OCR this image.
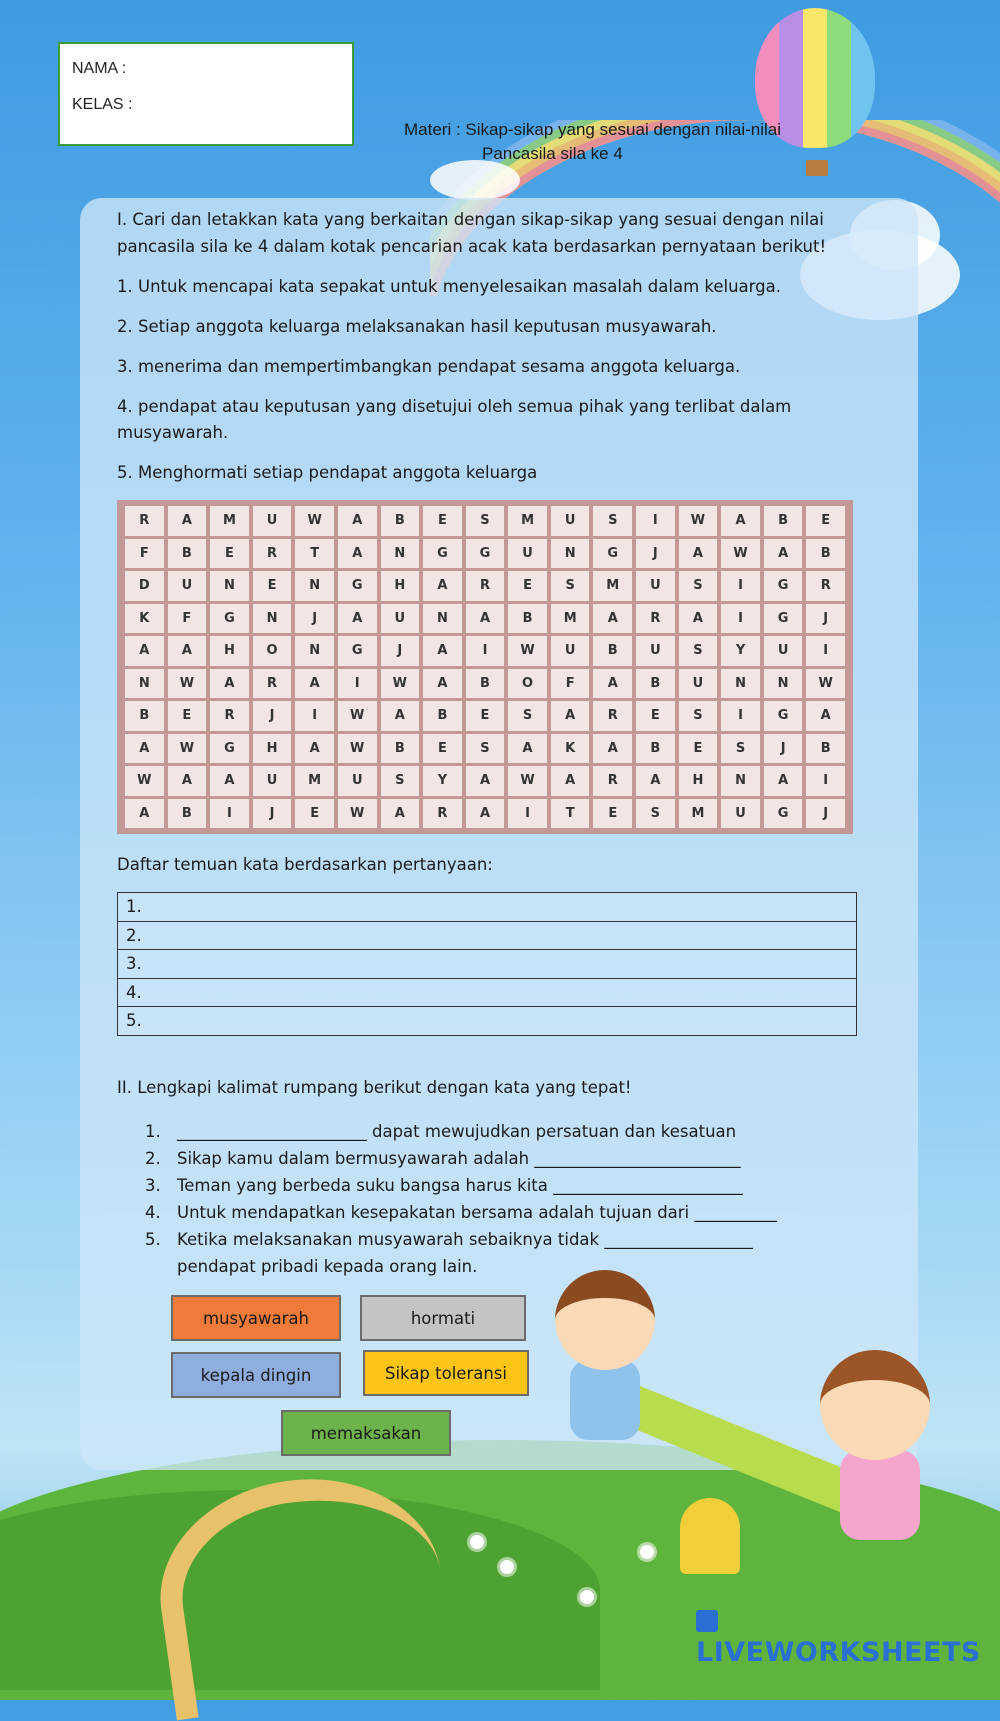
NAMA :
KELAS :
Materi : Sikap-sikap yang sesuai dengan nilai-nilai
Pancasila sila ke 4
I. Cari dan letakkan kata yang berkaitan dengan sikap-sikap yang sesuai dengan nilai pancasila sila ke 4 dalam kotak pencarian acak kata berdasarkan pernyataan berikut!
1. Untuk mencapai kata sepakat untuk menyelesaikan masalah dalam keluarga.
2. Setiap anggota keluarga melaksanakan hasil keputusan musyawarah.
3. menerima dan mempertimbangkan pendapat sesama anggota keluarga.
4. pendapat atau keputusan yang disetujui oleh semua pihak yang terlibat dalam musyawarah.
5. Menghormati setiap pendapat anggota keluarga
R	A	M	U	W	A	B	E	S	M	U	S	I	W	A	B	E
F	B	E	R	T	A	N	G	G	U	N	G	J	A	W	A	B
D	U	N	E	N	G	H	A	R	E	S	M	U	S	I	G	R
K	F	G	N	J	A	U	N	A	B	M	A	R	A	I	G	J
A	A	H	O	N	G	J	A	I	W	U	B	U	S	Y	U	I
N	W	A	R	A	I	W	A	B	O	F	A	B	U	N	N	W
B	E	R	J	I	W	A	B	E	S	A	R	E	S	I	G	A
A	W	G	H	A	W	B	E	S	A	K	A	B	E	S	J	B
W	A	A	U	M	U	S	Y	A	W	A	R	A	H	N	A	I
A	B	I	J	E	W	A	R	A	I	T	E	S	M	U	G	J
Daftar temuan kata berdasarkan pertanyaan:
1.
2.
3.
4.
5.
II. Lengkapi kalimat rumpang berikut dengan kata yang tepat!
1. _______________________ dapat mewujudkan persatuan dan kesatuan
2. Sikap kamu dalam bermusyawarah adalah _________________________
3. Teman yang berbeda suku bangsa harus kita _______________________
4. Untuk mendapatkan kesepakatan bersama adalah tujuan dari __________
5. Ketika melaksanakan musyawarah sebaiknya tidak __________________
pendapat pribadi kepada orang lain.
musyawarah	hormati
kepala dingin	Sikap toleransi
memaksakan
LIVEWORKSHEETS
